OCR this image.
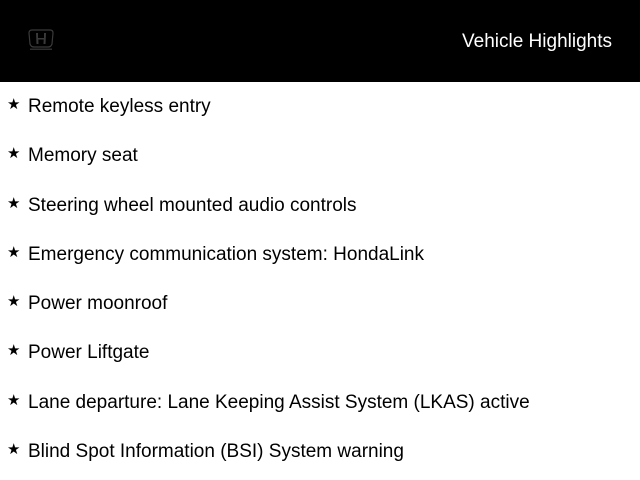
Vehicle Highlights
★ Remote keyless entry
★ Memory seat
★ Steering wheel mounted audio controls
★ Emergency communication system: HondaLink
★ Power moonroof
★ Power Liftgate
★ Lane departure: Lane Keeping Assist System (LKAS) active
★ Blind Spot Information (BSI) System warning
